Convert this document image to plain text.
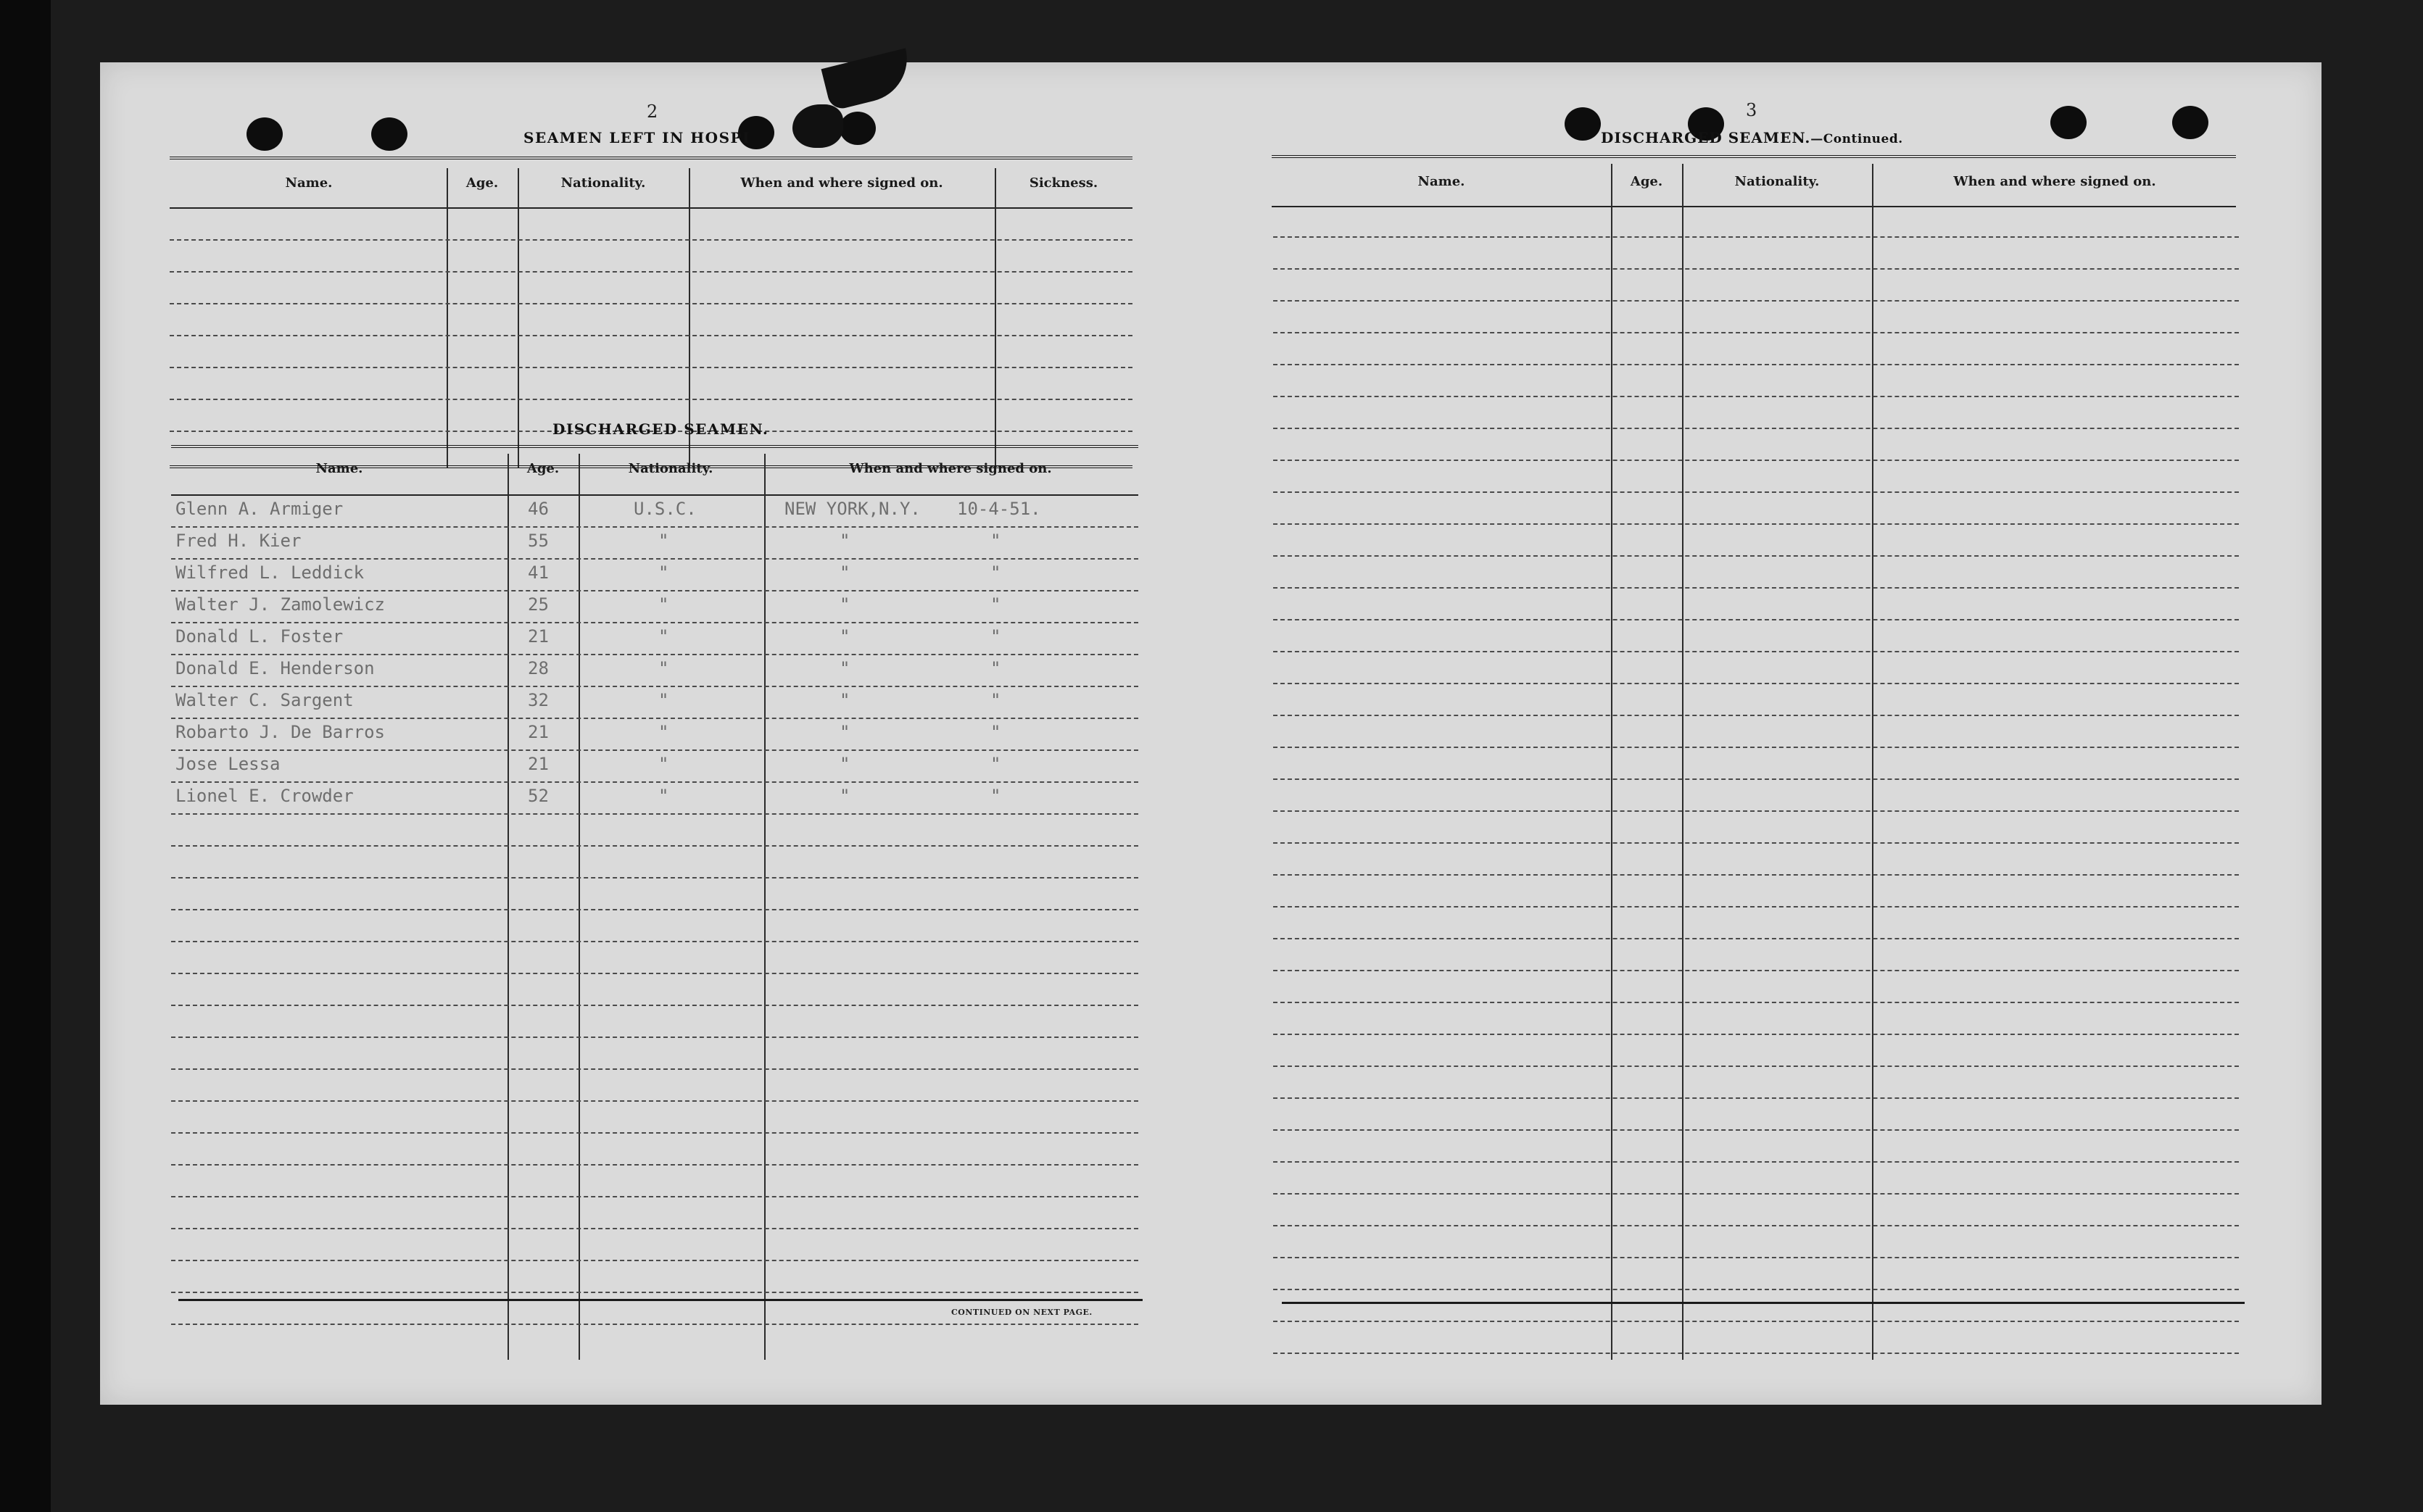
2
SEAMEN LEFT IN HOSPI
Name.	Age.	Nationality.	When and where signed on.	Sickness.
DISCHARGED SEAMEN.
Name.	Age.	Nationality.	When and where signed on.
Glenn A. Armiger	46	U.S.C.	NEW YORK,N.Y. 10-4-51.
Fred H. Kier	55	"	"	"
Wilfred L. Leddick	41	"	"	"
Walter J. Zamolewicz	25	"	"	"
Donald L. Foster	21	"	"	"
Donald E. Henderson	28	"	"	"
Walter C. Sargent	32	"	"	"
Robarto J. De Barros	21	"	"	"
Jose Lessa	21	"	"	"
Lionel E. Crowder	52	"	"	"
CONTINUED ON NEXT PAGE.
3
DISCHARGED SEAMEN.—Continued.
Name.	Age.	Nationality.	When and where signed on.
